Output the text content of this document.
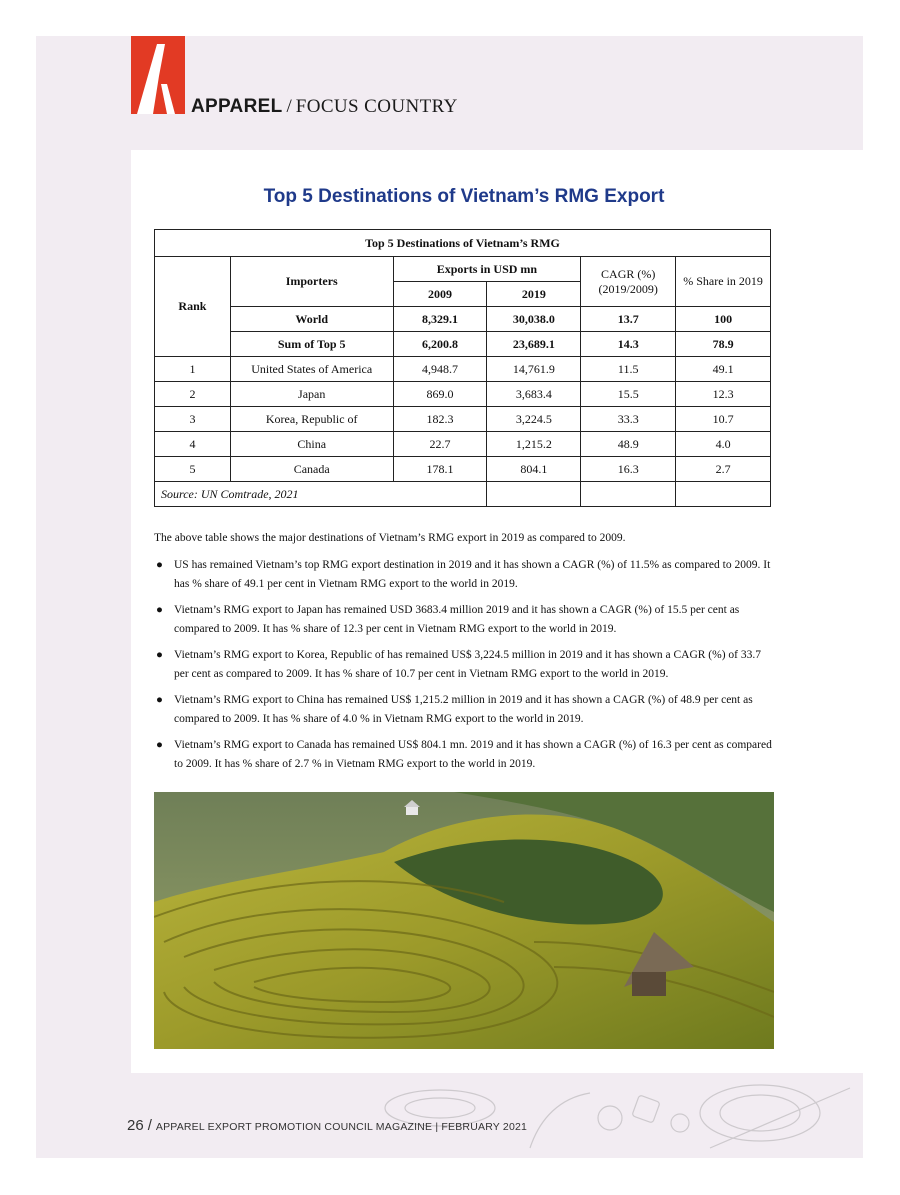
APPAREL / FOCUS COUNTRY
Top 5 Destinations of Vietnam’s RMG Export
Top 5 Destinations of Vietnam’s RMG					
Rank	Importers	Exports in USD mn		CAGR (%) (2019/2009)	% Share in 2019
		2009	2019		
	World	8,329.1	30,038.0	13.7	100
	Sum of Top 5	6,200.8	23,689.1	14.3	78.9
1	United States of America	4,948.7	14,761.9	11.5	49.1
2	Japan	869.0	3,683.4	15.5	12.3
3	Korea, Republic of	182.3	3,224.5	33.3	10.7
4	China	22.7	1,215.2	48.9	4.0
5	Canada	178.1	804.1	16.3	2.7
Source: UN Comtrade, 2021					
The above table shows the major destinations of Vietnam’s RMG export in 2019 as compared to 2009.
● US has remained Vietnam’s top RMG export destination in 2019 and it has shown a CAGR (%) of 11.5% as compared to 2009. It has % share of 49.1 per cent in Vietnam RMG export to the world in 2019.
● Vietnam’s RMG export to Japan has remained USD 3683.4 million 2019 and it has shown a CAGR (%) of 15.5 per cent as compared to 2009. It has % share of 12.3 per cent in Vietnam RMG export to the world in 2019.
● Vietnam’s RMG export to Korea, Republic of has remained US$ 3,224.5 million in 2019 and it has shown a CAGR (%) of 33.7 per cent as compared to 2009. It has % share of 10.7 per cent in Vietnam RMG export to the world in 2019.
● Vietnam’s RMG export to China has remained US$ 1,215.2 million in 2019 and it has shown a CAGR (%) of 48.9 per cent as compared to 2009. It has % share of 4.0 % in Vietnam RMG export to the world in 2019.
● Vietnam’s RMG export to Canada has remained US$ 804.1 mn. 2019 and it has shown a CAGR (%) of 16.3 per cent as compared to 2009. It has % share of 2.7 % in Vietnam RMG export to the world in 2019.
26 / APPAREL EXPORT PROMOTION COUNCIL MAGAZINE | FEBRUARY 2021
